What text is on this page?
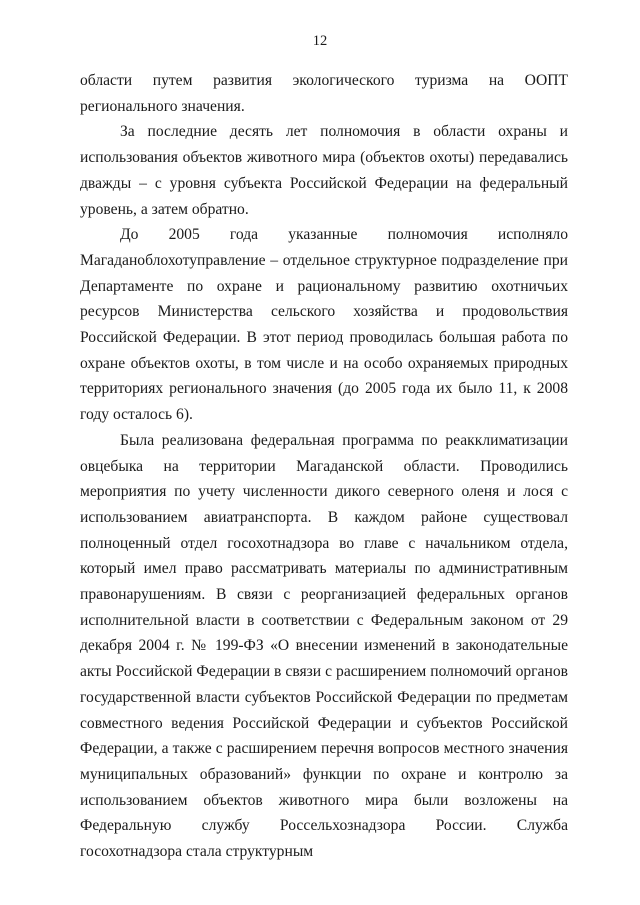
12

области путем развития экологического туризма на ООПТ регионального значения.

За последние десять лет полномочия в области охраны и использования объектов животного мира (объектов охоты) передавались дважды – с уровня субъекта Российской Федерации на федеральный уровень, а затем обратно.

До 2005 года указанные полномочия исполняло Магаданоблохотуправление – отдельное структурное подразделение при Департаменте по охране и рациональному развитию охотничьих ресурсов Министерства сельского хозяйства и продовольствия Российской Федерации. В этот период проводилась большая работа по охране объектов охоты, в том числе и на особо охраняемых природных территориях регионального значения (до 2005 года их было 11, к 2008 году осталось 6).

Была реализована федеральная программа по реакклиматизации овцебыка на территории Магаданской области. Проводились мероприятия по учету численности дикого северного оленя и лося с использованием авиатранспорта. В каждом районе существовал полноценный отдел госохотнадзора во главе с начальником отдела, который имел право рассматривать материалы по административным правонарушениям. В связи с реорганизацией федеральных органов исполнительной власти в соответствии с Федеральным законом от 29 декабря 2004 г. № 199-ФЗ «О внесении изменений в законодательные акты Российской Федерации в связи с расширением полномочий органов государственной власти субъектов Российской Федерации по предметам совместного ведения Российской Федерации и субъектов Российской Федерации, а также с расширением перечня вопросов местного значения муниципальных образований» функции по охране и контролю за использованием объектов животного мира были возложены на Федеральную службу Россельхознадзора России. Служба госохотнадзора стала структурным
